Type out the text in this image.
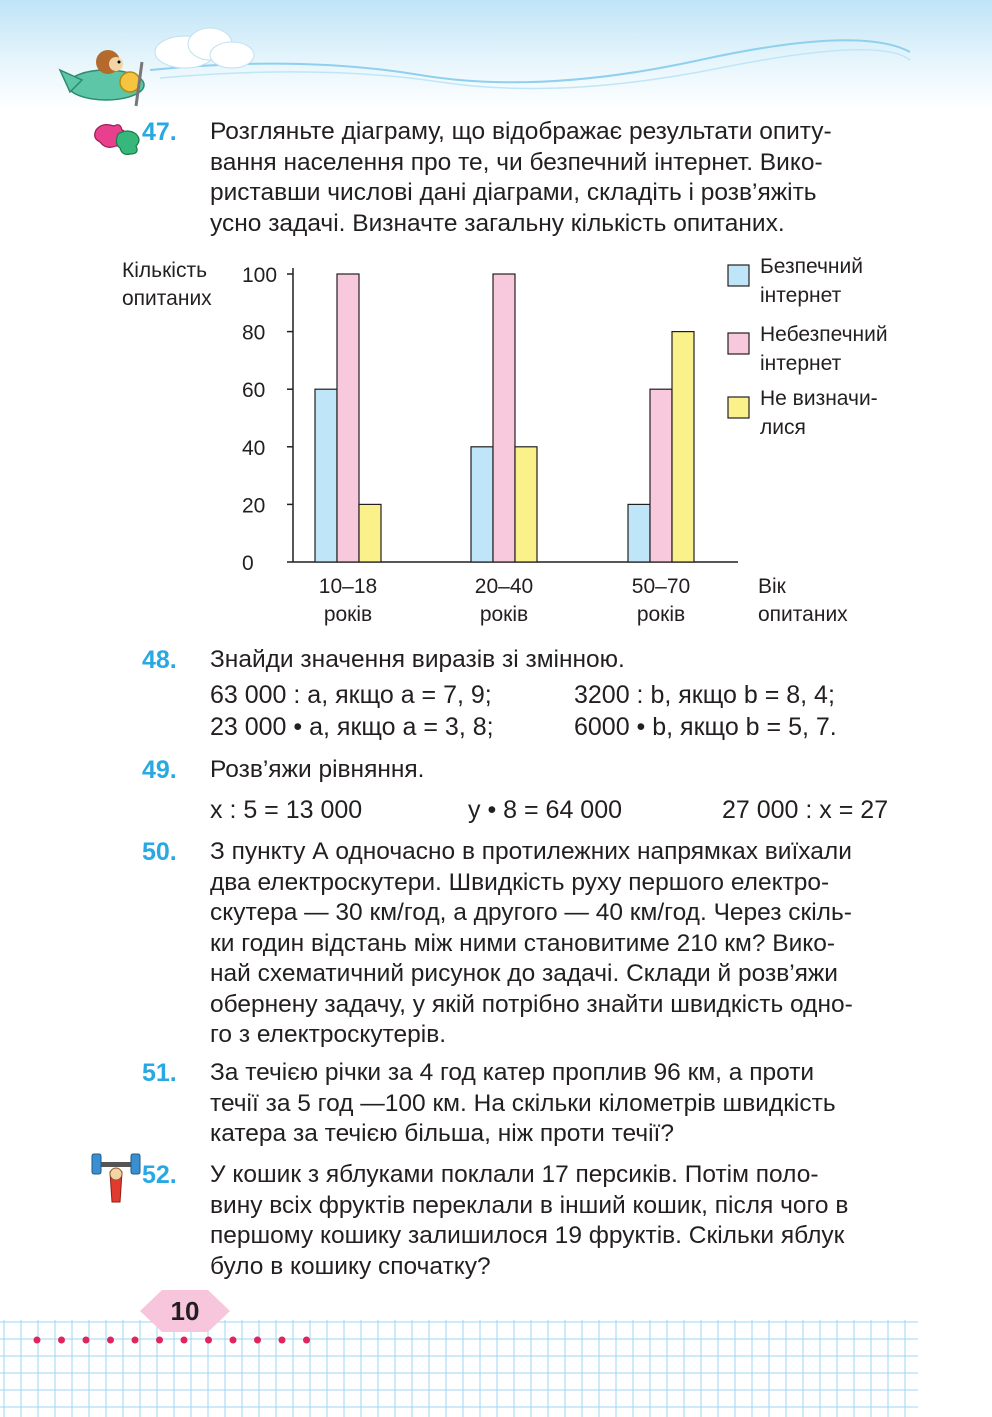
47.	Розгляньте діаграму, що відображає результати опиту-

вання населення про те, чи безпечний інтернет. Вико-

риставши числові дані діаграми, складіть і розв’яжіть

усно задачі. Визначте загальну кількість опитаних.

Кількість
опитаних
0
20
40
60
80
100
10–18
років
20–40
років
50–70
років
Вік
опитаних
Безпечний
інтернет
Небезпечний
інтернет
Не визначи-
лися
48.	Знайди значення виразів зі змінною.
63 000 : a, якщо a = 7, 9;	3200 : b, якщо b = 8, 4;
23 000 • a, якщо a = 3, 8;	6000 • b, якщо b = 5, 7.
49.	Розв’яжи рівняння.
x : 5 = 13 000	y • 8 = 64 000	27 000 : x = 27
50.	З пункту А одночасно в протилежних напрямках виїхали

два електроскутери. Швидкість руху першого електро-

скутера — 30 км/год, а другого — 40 км/год. Через скіль-

ки годин відстань між ними становитиме 210 км? Вико-

най схематичний рисунок до задачі. Склади й розв’яжи

обернену задачу, у якій потрібно знайти швидкість одно-

го з електроскутерів.

51.	За течією річки за 4 год катер проплив 96 км, а проти

течії за 5 год —100 км. На скільки кілометрів швидкість

катера за течією більша, ніж проти течії?

52.	У кошик з яблуками поклали 17 персиків. Потім поло-

вину всіх фруктів переклали в інший кошик, після чого в

першому кошику залишилося 19 фруктів. Скільки яблук

було в кошику спочатку?

10
